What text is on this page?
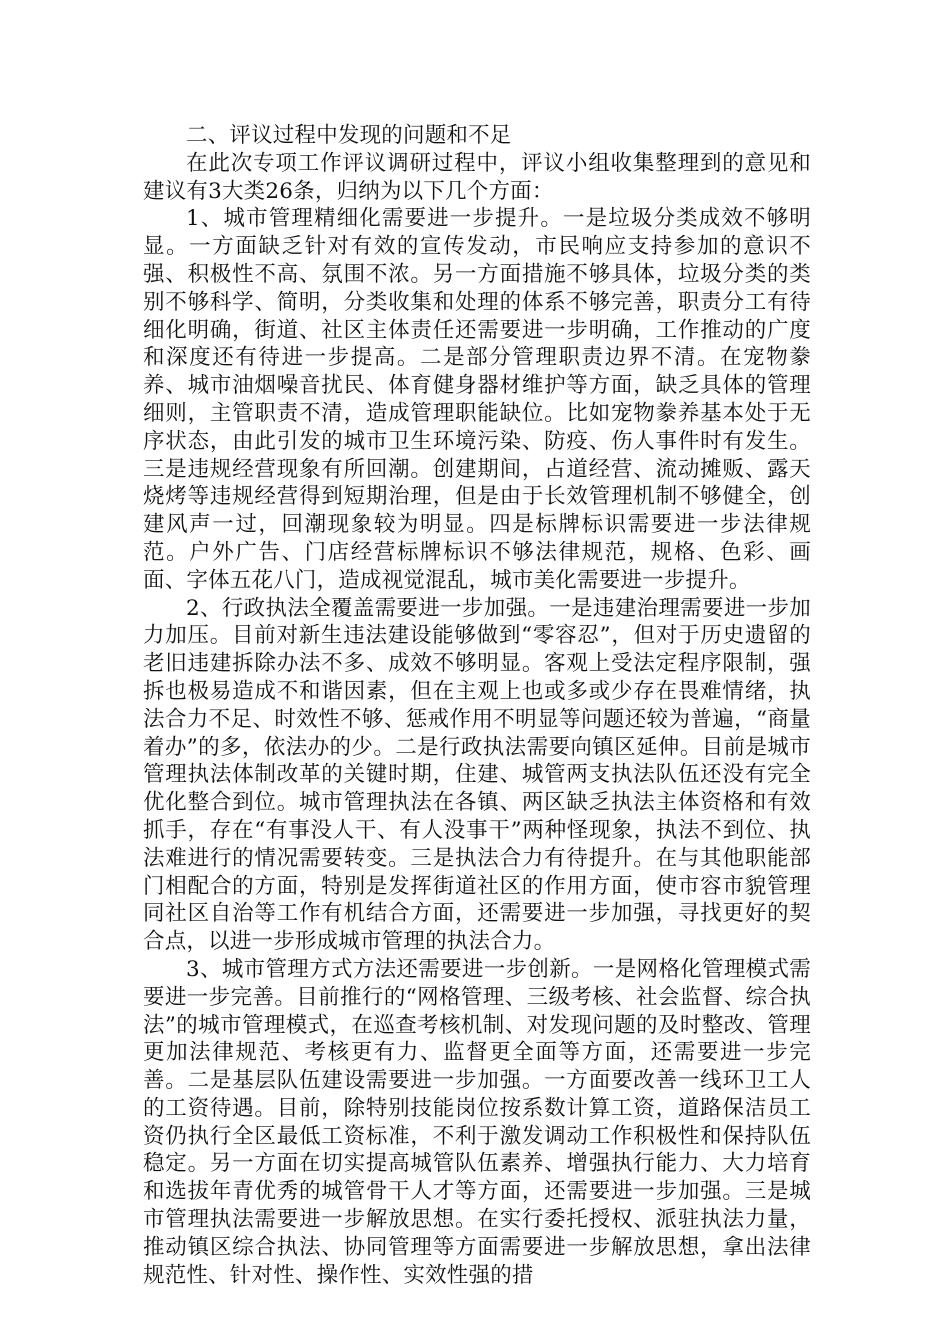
二、评议过程中发现的问题和不足

在此次专项工作评议调研过程中，评议小组收集整理到的意见和建议有3大类26条，归纳为以下几个方面：

1、城市管理精细化需要进一步提升。一是垃圾分类成效不够明显。一方面缺乏针对有效的宣传发动，市民响应支持参加的意识不强、积极性不高、氛围不浓。另一方面措施不够具体，垃圾分类的类别不够科学、简明，分类收集和处理的体系不够完善，职责分工有待细化明确，街道、社区主体责任还需要进一步明确，工作推动的广度和深度还有待进一步提高。二是部分管理职责边界不清。在宠物豢养、城市油烟噪音扰民、体育健身器材维护等方面，缺乏具体的管理细则，主管职责不清，造成管理职能缺位。比如宠物豢养基本处于无序状态，由此引发的城市卫生环境污染、防疫、伤人事件时有发生。三是违规经营现象有所回潮。创建期间，占道经营、流动摊贩、露天烧烤等违规经营得到短期治理，但是由于长效管理机制不够健全，创建风声一过，回潮现象较为明显。四是标牌标识需要进一步法律规范。户外广告、门店经营标牌标识不够法律规范，规格、色彩、画面、字体五花八门，造成视觉混乱，城市美化需要进一步提升。

2、行政执法全覆盖需要进一步加强。一是违建治理需要进一步加力加压。目前对新生违法建设能够做到“零容忍”，但对于历史遗留的老旧违建拆除办法不多、成效不够明显。客观上受法定程序限制，强拆也极易造成不和谐因素，但在主观上也或多或少存在畏难情绪，执法合力不足、时效性不够、惩戒作用不明显等问题还较为普遍，“商量着办”的多，依法办的少。二是行政执法需要向镇区延伸。目前是城市管理执法体制改革的关键时期，住建、城管两支执法队伍还没有完全优化整合到位。城市管理执法在各镇、两区缺乏执法主体资格和有效抓手，存在“有事没人干、有人没事干”两种怪现象，执法不到位、执法难进行的情况需要转变。三是执法合力有待提升。在与其他职能部门相配合的方面，特别是发挥街道社区的作用方面，使市容市貌管理同社区自治等工作有机结合方面，还需要进一步加强，寻找更好的契合点，以进一步形成城市管理的执法合力。

3、城市管理方式方法还需要进一步创新。一是网格化管理模式需要进一步完善。目前推行的“网格管理、三级考核、社会监督、综合执法”的城市管理模式，在巡查考核机制、对发现问题的及时整改、管理更加法律规范、考核更有力、监督更全面等方面，还需要进一步完善。二是基层队伍建设需要进一步加强。一方面要改善一线环卫工人的工资待遇。目前，除特别技能岗位按系数计算工资，道路保洁员工资仍执行全区最低工资标准，不利于激发调动工作积极性和保持队伍稳定。另一方面在切实提高城管队伍素养、增强执行能力、大力培育和选拔年青优秀的城管骨干人才等方面，还需要进一步加强。三是城市管理执法需要进一步解放思想。在实行委托授权、派驻执法力量，推动镇区综合执法、协同管理等方面需要进一步解放思想，拿出法律规范性、针对性、操作性、实效性强的措
